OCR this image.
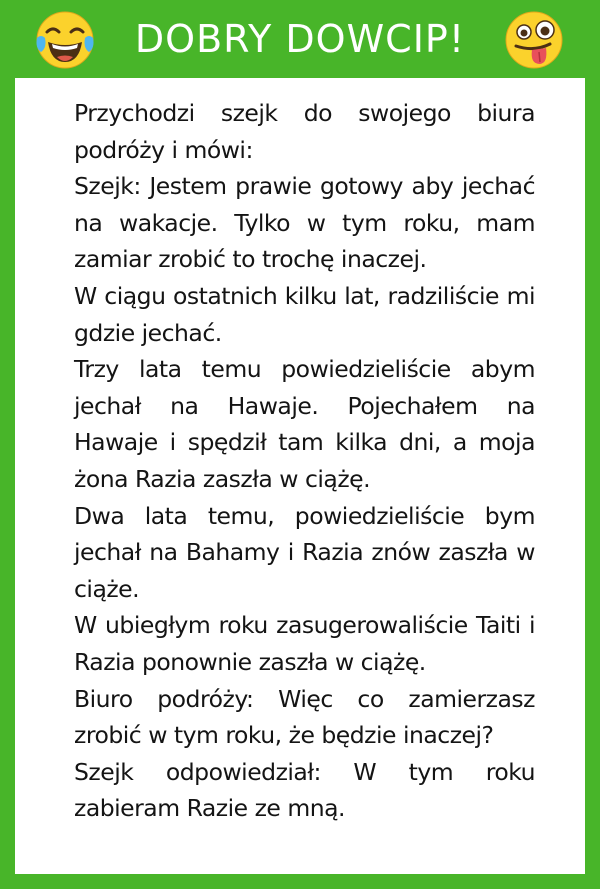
DOBRY DOWCIP!

Przychodzi szejk do swojego biura podróży i mówi:

Szejk: Jestem prawie gotowy aby jechać na wakacje. Tylko w tym roku, mam zamiar zrobić to trochę inaczej.

W ciągu ostatnich kilku lat, radziliście mi gdzie jechać.

Trzy lata temu powiedzieliście abym jechał na Hawaje. Pojechałem na Hawaje i spędził tam kilka dni, a moja żona Razia zaszła w ciążę.

Dwa lata temu, powiedzieliście bym jechał na Bahamy i Razia znów zaszła w ciąże.

W ubiegłym roku zasugerowaliście Taiti i Razia ponownie zaszła w ciążę.

Biuro podróży: Więc co zamierzasz zrobić w tym roku, że będzie inaczej?

Szejk odpowiedział: W tym roku zabieram Razie ze mną.
